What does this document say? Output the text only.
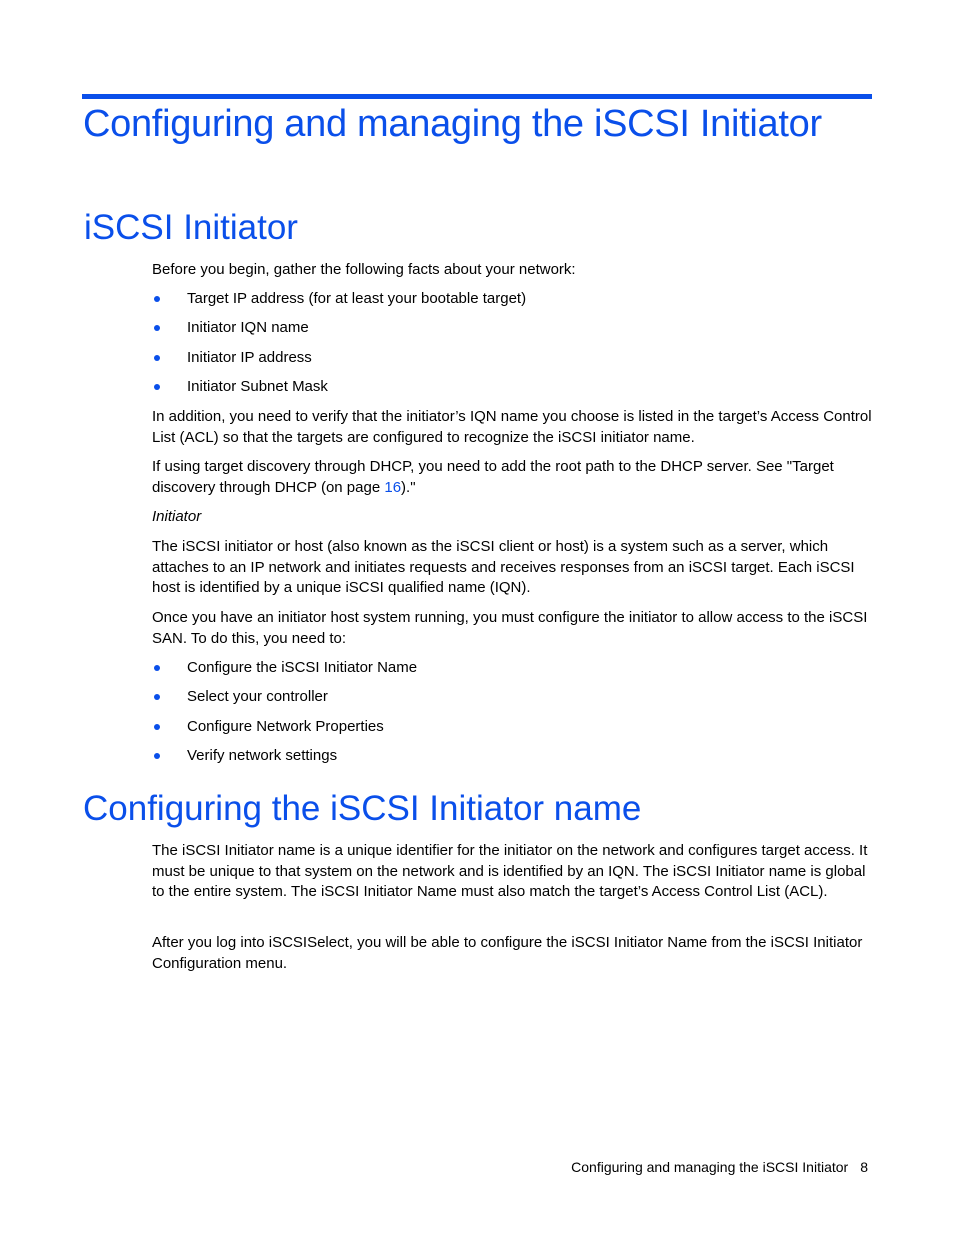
Configuring and managing the iSCSI Initiator
iSCSI Initiator

Before you begin, gather the following facts about your network:

Target IP address (for at least your bootable target)
Initiator IQN name
Initiator IP address
Initiator Subnet Mask

In addition, you need to verify that the initiator’s IQN name you choose is listed in the target’s Access Control List (ACL) so that the targets are configured to recognize the iSCSI initiator name.

If using target discovery through DHCP, you need to add the root path to the DHCP server. See "Target discovery through DHCP (on page 16)."

Initiator

The iSCSI initiator or host (also known as the iSCSI client or host) is a system such as a server, which attaches to an IP network and initiates requests and receives responses from an iSCSI target. Each iSCSI host is identified by a unique iSCSI qualified name (IQN).

Once you have an initiator host system running, you must configure the initiator to allow access to the iSCSI SAN. To do this, you need to:

Configure the iSCSI Initiator Name
Select your controller
Configure Network Properties
Verify network settings
Configuring the iSCSI Initiator name

The iSCSI Initiator name is a unique identifier for the initiator on the network and configures target access. It must be unique to that system on the network and is identified by an IQN. The iSCSI Initiator name is global to the entire system. The iSCSI Initiator Name must also match the target’s Access Control List (ACL).

After you log into iSCSISelect, you will be able to configure the iSCSI Initiator Name from the iSCSI Initiator Configuration menu.

Configuring and managing the iSCSI Initiator 8
